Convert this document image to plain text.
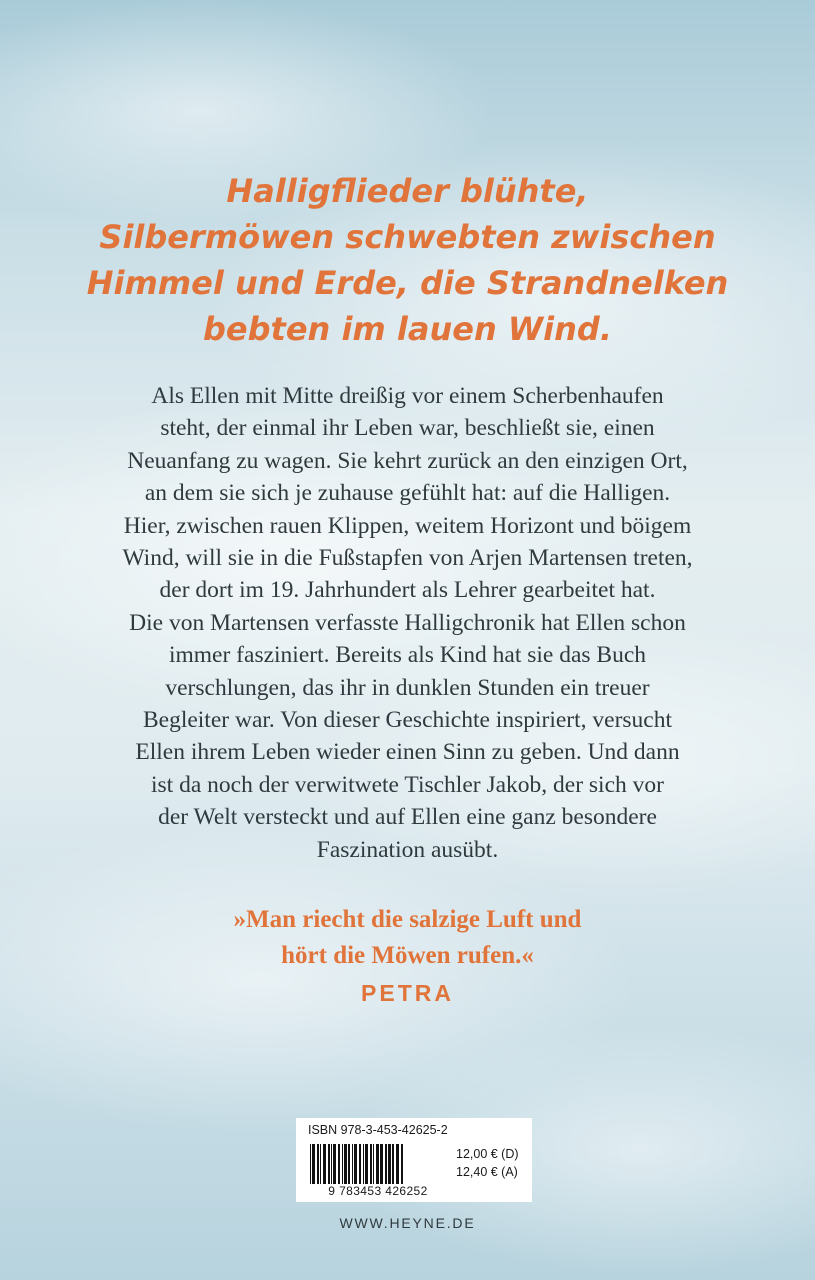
Halligflieder blühte,
Silbermöwen schwebten zwischen
Himmel und Erde, die Strandnelken
bebten im lauen Wind.

Als Ellen mit Mitte dreißig vor einem Scherbenhaufen
steht, der einmal ihr Leben war, beschließt sie, einen
Neuanfang zu wagen. Sie kehrt zurück an den einzigen Ort,
an dem sie sich je zuhause gefühlt hat: auf die Halligen.
Hier, zwischen rauen Klippen, weitem Horizont und böigem
Wind, will sie in die Fußstapfen von Arjen Martensen treten,
der dort im 19. Jahrhundert als Lehrer gearbeitet hat.
Die von Martensen verfasste Halligchronik hat Ellen schon
immer fasziniert. Bereits als Kind hat sie das Buch
verschlungen, das ihr in dunklen Stunden ein treuer
Begleiter war. Von dieser Geschichte inspiriert, versucht
Ellen ihrem Leben wieder einen Sinn zu geben. Und dann
ist da noch der verwitwete Tischler Jakob, der sich vor
der Welt versteckt und auf Ellen eine ganz besondere
Faszination ausübt.

»Man riecht die salzige Luft und
hört die Möwen rufen.«
PETRA
ISBN 978-3-453-42625-2
9 783453 426252
12,00 € (D)
12,40 € (A)
WWW.HEYNE.DE
